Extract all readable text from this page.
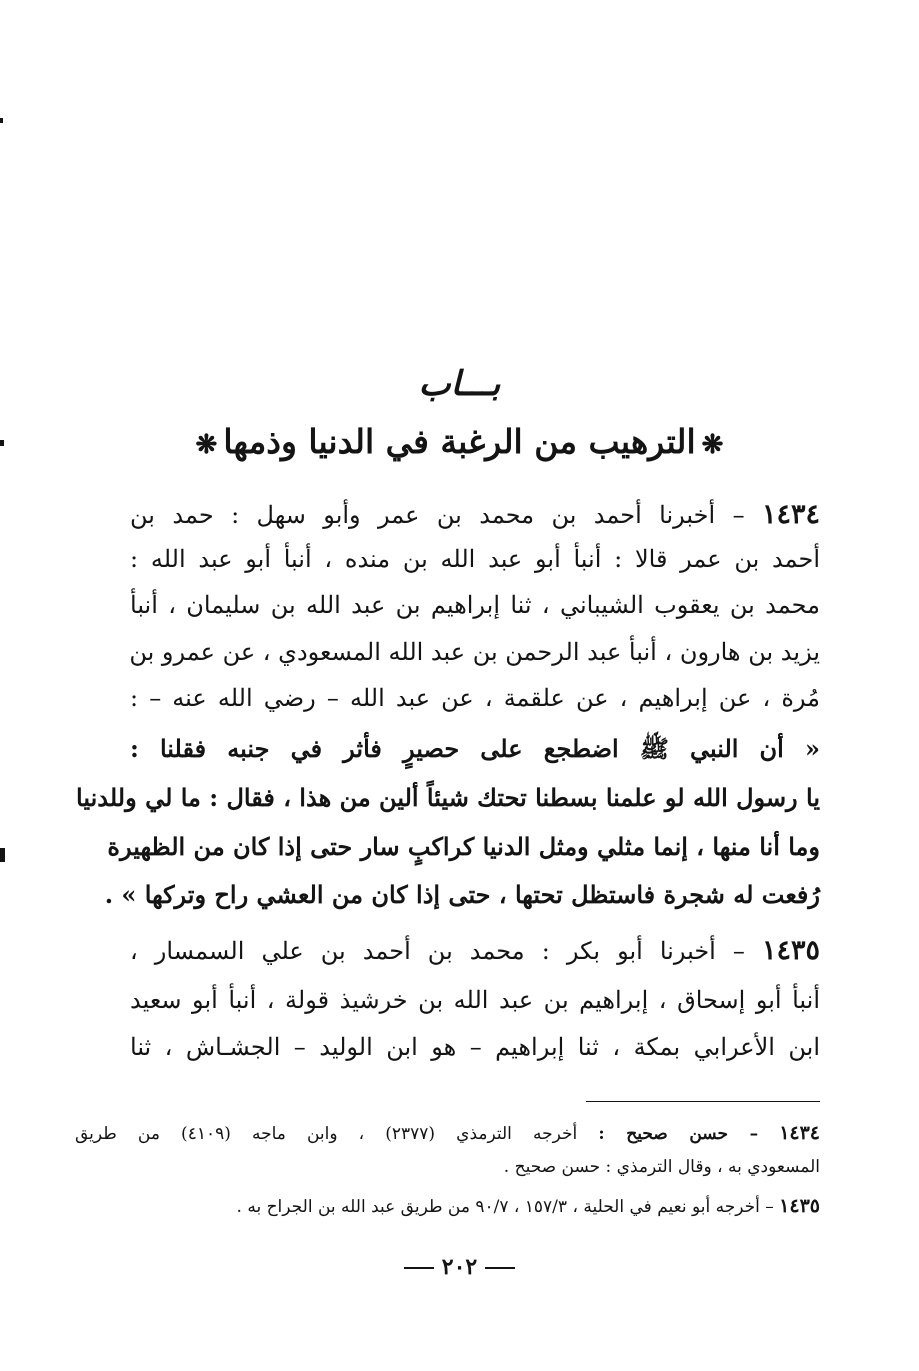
بـــاب
❋الترهيب من الرغبة في الدنيا وذمها❋
١٤٣٤ – أخبرنا أحمد بن محمد بن عمر وأبو سهل : حمد بن
أحمد بن عمر قالا : أنبأ أبو عبد الله بن منده ، أنبأ أبو عبد الله :
محمد بن يعقوب الشيباني ، ثنا إبراهيم بن عبد الله بن سليمان ، أنبأ
يزيد بن هارون ، أنبأ عبد الرحمن بن عبد الله المسعودي ، عن عمرو بن
مُرة ، عن إبراهيم ، عن علقمة ، عن عبد الله – رضي الله عنه – :
« أن النبي ﷺ اضطجع على حصيرٍ فأثر في جنبه فقلنا :
يا رسول الله لو علمنا بسطنا تحتك شيئاً ألين من هذا ، فقال : ما لي وللدنيا
وما أنا منها ، إنما مثلي ومثل الدنيا كراكبٍ سار حتى إذا كان من الظهيرة
رُفعت له شجرة فاستظل تحتها ، حتى إذا كان من العشي راح وتركها » .
١٤٣٥ – أخبرنا أبو بكر : محمد بن أحمد بن علي السمسار ،
أنبأ أبو إسحاق ، إبراهيم بن عبد الله بن خرشيذ قولة ، أنبأ أبو سعيد
ابن الأعرابي بمكة ، ثنا إبراهيم – هو ابن الوليد – الجشـاش ، ثنا
١٤٣٤ – حسن صحيح : أخرجه الترمذي (٢٣٧٧) ، وابن ماجه (٤١٠٩) من طريق
المسعودي به ، وقال الترمذي : حسن صحيح .
١٤٣٥ – أخرجه أبو نعيم في الحلية ، ١٥٧/٣ ، ٩٠/٧ من طريق عبد الله بن الجراح به .
٢٠٢
